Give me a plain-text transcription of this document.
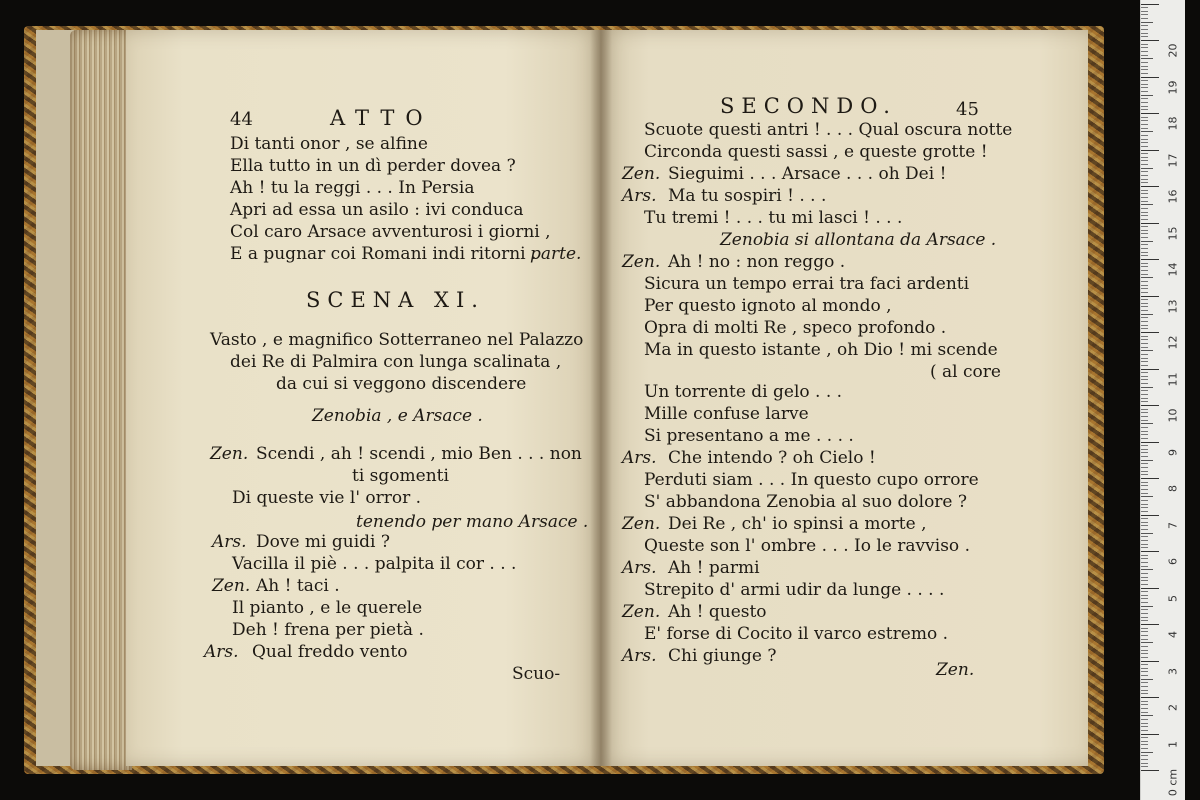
44	ATTO
Di tanti onor , se alfine
Ella tutto in un dì perder dovea ?
Ah ! tu la reggi . . . In Persia
Apri ad essa un asilo : ivi conduca
Col caro Arsace avventurosi i giorni ,
E a pugnar coi Romani indi ritorni .
parte.
SCENA XI.
Vasto , e magnifico Sotterraneo nel Palazzo
dei Re di Palmira con lunga scalinata ,
da cui si veggono discendere
Zenobia , e Arsace .
Zen. Scendi , ah ! scendi , mio Ben . . . non
ti sgomenti
Di queste vie l' orror .
tenendo per mano Arsace .
Ars. Dove mi guidi ?
Vacilla il piè . . . palpita il cor . . .
Zen. Ah ! taci .
Il pianto , e le querele
Deh ! frena per pietà .
Ars. Qual freddo vento
Scuo-
SECONDO.	45
Scuote questi antri ! . . . Qual oscura notte
Circonda questi sassi , e queste grotte !
Zen. Sieguimi . . . Arsace . . . oh Dei !
Ars. Ma tu sospiri ! . . .
Tu tremi ! . . . tu mi lasci ! . . .
Zenobia si allontana da Arsace .
Zen. Ah ! no : non reggo .
Sicura un tempo errai tra faci ardenti
Per questo ignoto al mondo ,
Opra di molti Re , speco profondo .
Ma in questo istante , oh Dio ! mi scende
( al core
Un torrente di gelo . . .
Mille confuse larve
Si presentano a me . . . .
Ars. Che intendo ? oh Cielo !
Perduti siam . . . In questo cupo orrore
S' abbandona Zenobia al suo dolore ?
Zen. Dei Re , ch' io spinsi a morte ,
Queste son l' ombre . . . Io le ravviso .
Ars. Ah ! parmi
Strepito d' armi udir da lunge . . . .
Zen. Ah ! questo
E' forse di Cocito il varco estremo .
Ars. Chi giunge ?
Zen.
1
2
3
4
5
6
7
8
9
10
11
12
13
14
15
16
17
18
19
20
0 cm
